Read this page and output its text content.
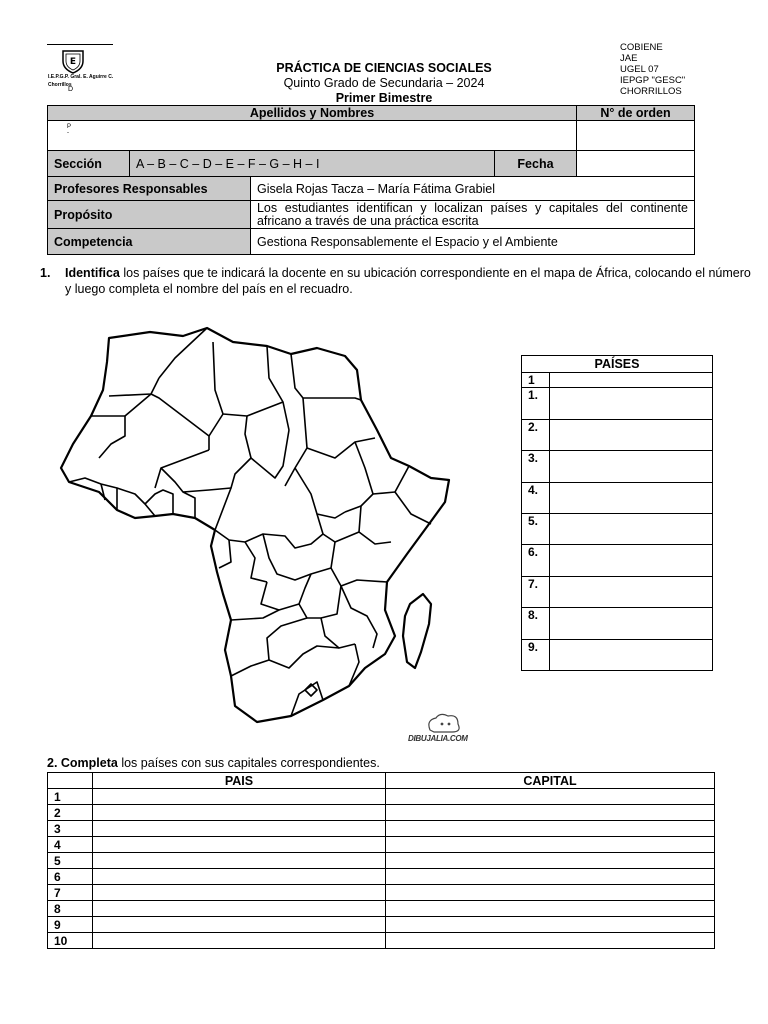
E
I.E.P.G.P. Gral. E. Aguirre C.
Chorrillos
D
P
-
PRÁCTICA DE CIENCIAS SOCIALES
Quinto Grado de Secundaria – 2024
Primer Bimestre
COBIENE
JAE
UGEL 07
IEPGP "GESC"
CHORRILLOS
Apellidos y Nombres				N° de orden

Sección	A – B – C – D – E – F – G – H – I		Fecha	
Profesores Responsables		Gisela Rojas Tacza – María Fátima Grabiel		
Propósito		Los estudiantes identifican y localizan países y capitales del continente africano a través de una práctica escrita		
Competencia		Gestiona Responsablemente el Espacio y el Ambiente		
1. Identifica los países que te indicará la docente en su ubicación correspondiente en el mapa de África, colocando el número y luego completa el nombre del país en el recuadro.
DIBUJALIA.COM
PAÍSES	
1	
1.	
2.	
3.	
4.	
5.	
6.	
7.	
8.	
9.	
2. Completa los países con sus capitales correspondientes.
	PAIS	CAPITAL
1		
2		
3		
4		
5		
6		
7		
8		
9		
10		
